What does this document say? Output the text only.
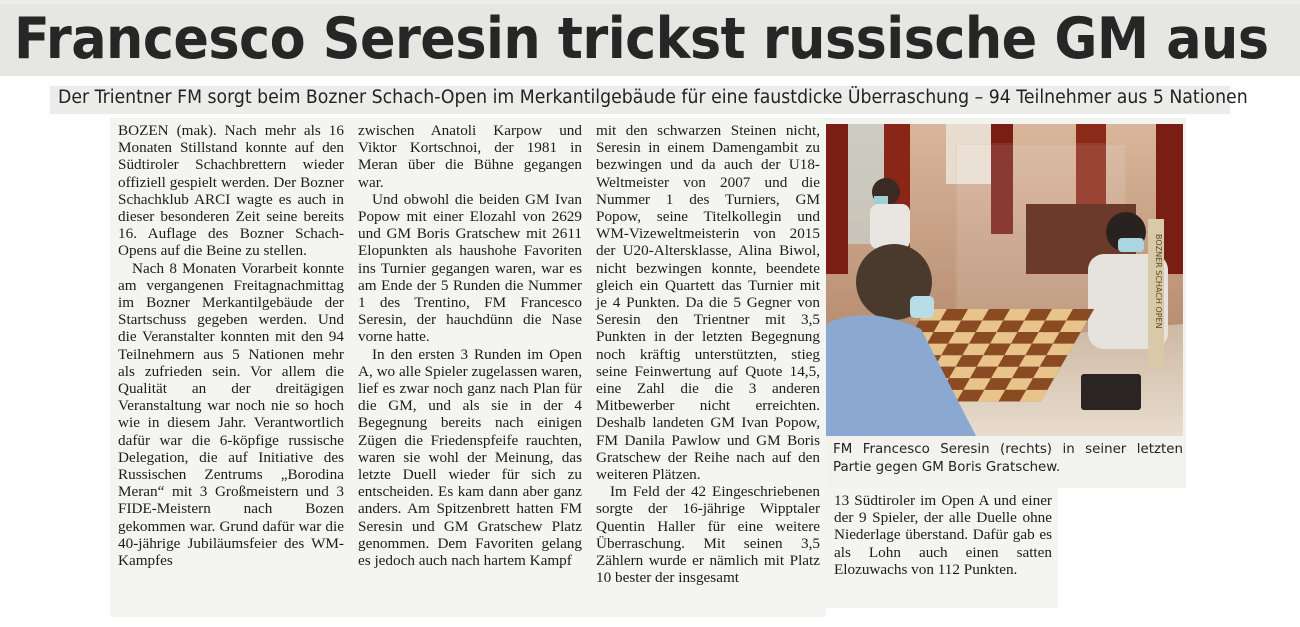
Francesco Seresin trickst russische GM aus
Der Trientner FM sorgt beim Bozner Schach-Open im Merkantilgebäude für eine faustdicke Überraschung – 94 Teilnehmer aus 5 Nationen

BOZEN (mak). Nach mehr als 16 Monaten Stillstand konnte auf den Südtiroler Schachbrettern wieder offiziell gespielt werden. Der Bozner Schachklub ARCI wagte es auch in dieser besonderen Zeit seine bereits 16. Auflage des Bozner Schach-Opens auf die Beine zu stellen.

Nach 8 Monaten Vorarbeit konnte am vergangenen Freitagnachmittag im Bozner Merkantilgebäude der Startschuss gegeben werden. Und die Veranstalter konnten mit den 94 Teilnehmern aus 5 Nationen mehr als zufrieden sein. Vor allem die Qualität an der dreitägigen Veranstaltung war noch nie so hoch wie in diesem Jahr. Verantwortlich dafür war die 6-köpfige russische Delegation, die auf Initiative des Russischen Zentrums „Borodina Meran“ mit 3 Großmeistern und 3 FIDE-Meistern nach Bozen gekommen war. Grund dafür war die 40-jährige Jubiläumsfeier des WM-Kampfes

zwischen Anatoli Karpow und Viktor Kortschnoi, der 1981 in Meran über die Bühne gegangen war.

Und obwohl die beiden GM Ivan Popow mit einer Elozahl von 2629 und GM Boris Gratschew mit 2611 Elopunkten als haushohe Favoriten ins Turnier gegangen waren, war es am Ende der 5 Runden die Nummer 1 des Trentino, FM Francesco Seresin, der hauchdünn die Nase vorne hatte.

In den ersten 3 Runden im Open A, wo alle Spieler zugelassen waren, lief es zwar noch ganz nach Plan für die GM, und als sie in der 4 Begegnung bereits nach einigen Zügen die Friedenspfeife rauchten, waren sie wohl der Meinung, das letzte Duell wieder für sich zu entscheiden. Es kam dann aber ganz anders. Am Spitzenbrett hatten FM Seresin und GM Gratschew Platz genommen. Dem Favoriten gelang es jedoch auch nach hartem Kampf

mit den schwarzen Steinen nicht, Seresin in einem Damengambit zu bezwingen und da auch der U18-Weltmeister von 2007 und die Nummer 1 des Turniers, GM Popow, seine Titelkollegin und WM-Vizeweltmeisterin von 2015 der U20-Altersklasse, Alina Biwol, nicht bezwingen konnte, beendete gleich ein Quartett das Turnier mit je 4 Punkten. Da die 5 Gegner von Seresin den Trientner mit 3,5 Punkten in der letzten Begegnung noch kräftig unterstützten, stieg seine Feinwertung auf Quote 14,5, eine Zahl die die 3 anderen Mitbewerber nicht erreichten. Deshalb landeten GM Ivan Popow, FM Danila Pawlow und GM Boris Gratschew der Reihe nach auf den weiteren Plätzen.

Im Feld der 42 Eingeschriebenen sorgte der 16-jährige Wipptaler Quentin Haller für eine weitere Überraschung. Mit seinen 3,5 Zählern wurde er nämlich mit Platz 10 bester der insgesamt

BOZNER SCHACH OPEN
FM Francesco Seresin (rechts) in seiner letzten Partie gegen GM Boris Gratschew.

13 Südtiroler im Open A und einer der 9 Spieler, der alle Duelle ohne Niederlage überstand. Dafür gab es als Lohn auch einen satten Elozuwachs von 112 Punkten.
